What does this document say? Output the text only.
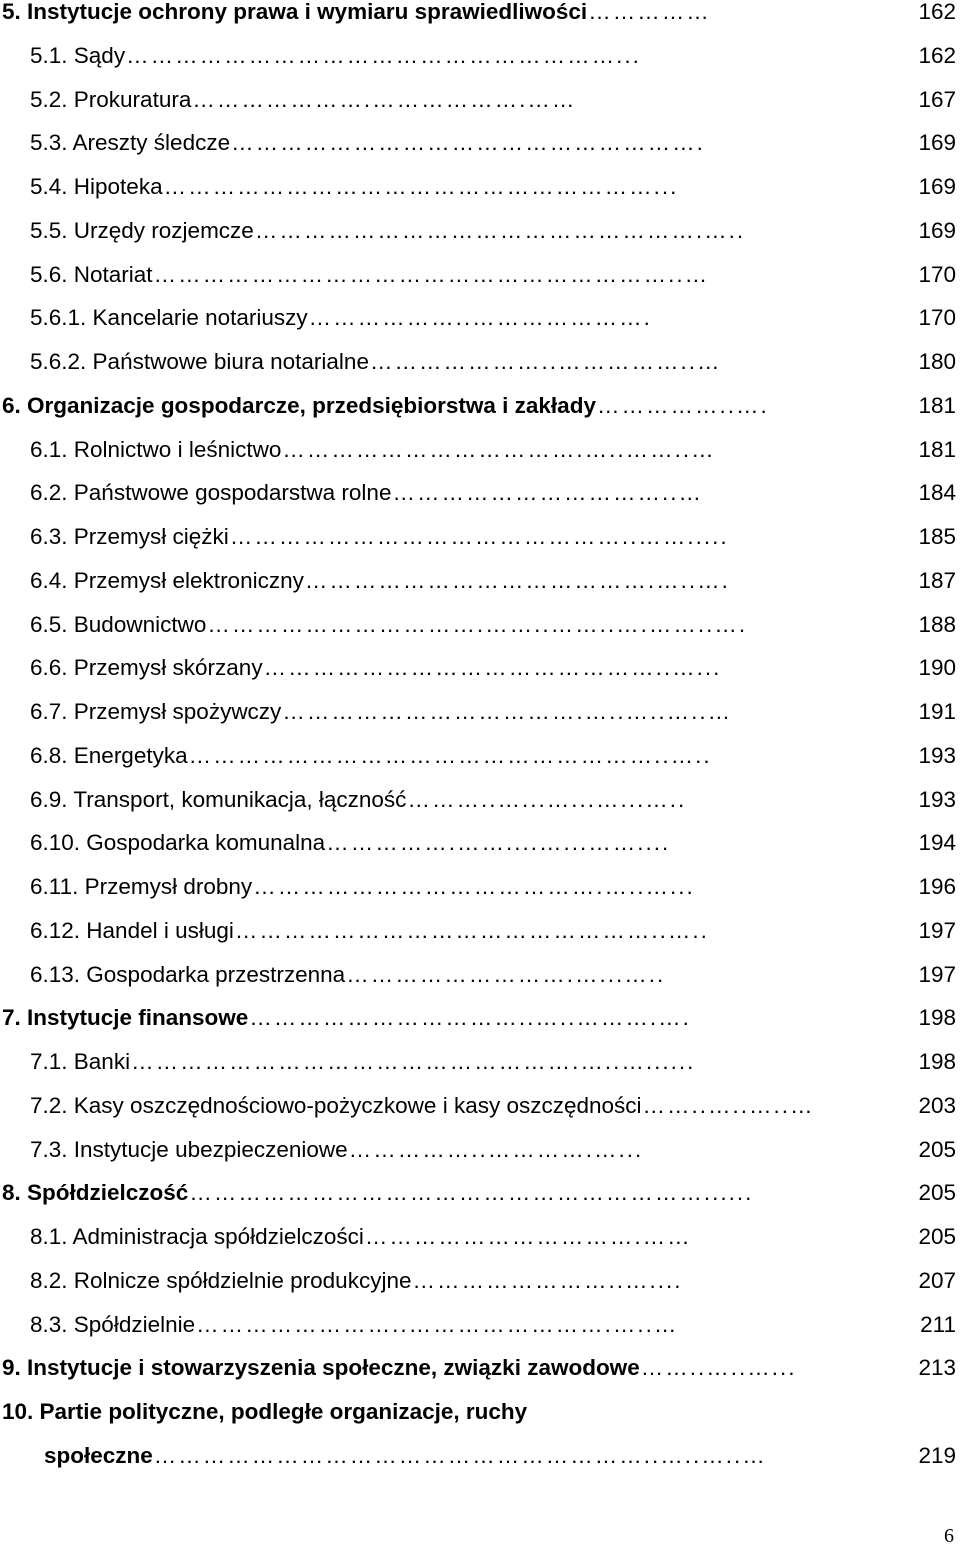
5. Instytucje ochrony prawa i wymiaru sprawiedliwości ……………	162
5.1. Sądy ……………………………………………………...	162
5.2. Prokuratura ………………….……………….……	167
5.3. Areszty śledcze ………………………………………………….	169
5.4. Hipoteka ……………………………………………………...	169
5.5. Urzędy rozjemcze ……………………………………………….…..	169
5.6. Notariat ………………………………………………………..…	170
5.6.1. Kancelarie notariuszy ………………..………………….	170
5.6.2. Państwowe biura notarialne …………………..……………..…	180
6. Organizacje gospodarcze, przedsiębiorstwa i zakłady ……………..….	181
6.1. Rolnictwo i leśnictwo ……………………………….…..……..…	181
6.2. Państwowe gospodarstwa rolne ……………………………..…	184
6.3. Przemysł ciężki …………………………………………..…….....	185
6.4. Przemysł elektroniczny …………………………………….…..….	187
6.5. Budownictwo …………………………….……..……..….……..….	188
6.6. Przemysł skórzany …………………………………………..…...	190
6.7. Przemysł spożywczy ……………………………….…..…..…..…	191
6.8. Energetyka …………………………………………………..…..	193
6.9. Transport, komunikacja, łączność ………..…...…...…...…..	193
6.10. Gospodarka komunalna …………….……....…...……....	194
6.11. Przemysł drobny …………………………………….…..…...	196
6.12. Handel i usługi ……………………………………………..…..	197
6.13. Gospodarka przestrzenna ……………………….…...…..	197
7. Instytucje finansowe ……………………………..…..……….….	198
7.1. Banki ……………………………………………….…..…......	198
7.2. Kasy oszczędnościowo-pożyczkowe i kasy oszczędności ……..…..…..…	203
7.3. Instytucje ubezpieczeniowe ……………..………….…...	205
8. Spółdzielczość ………………………………………………………......	205
8.1. Administracja spółdzielczości …………………………….……	205
8.2. Rolnicze spółdzielnie produkcyjne ……………………..…....	207
8.3. Spółdzielnie ……………………..…………………….…..…	211
9. Instytucje i stowarzyszenia społeczne, związki zawodowe ……..…..…...	213
10. Partie polityczne, podległe organizacje, ruchy
społeczne ……………………………………………………..…..…..…	219
6
